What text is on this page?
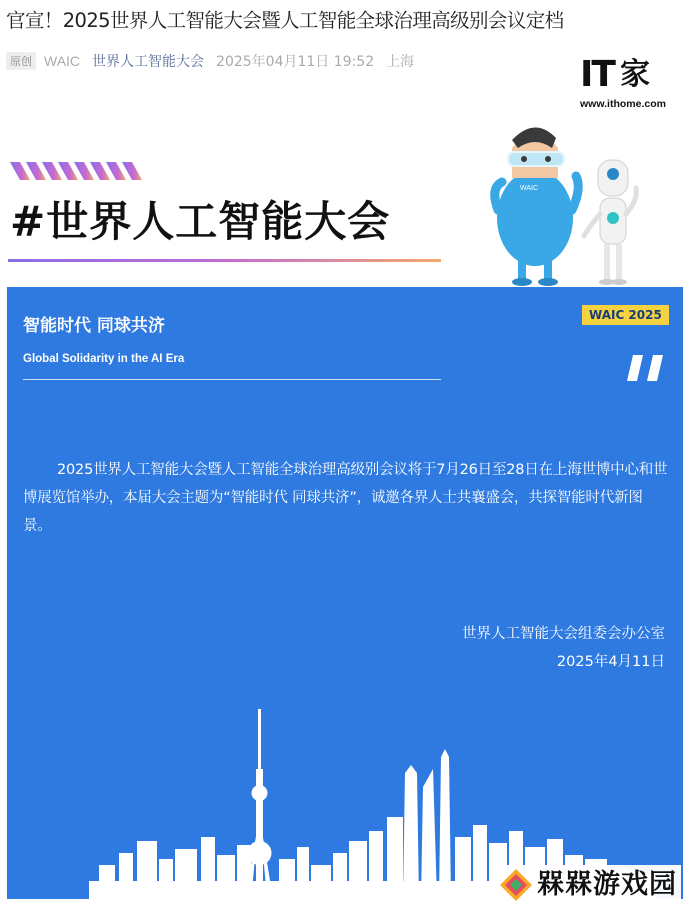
官宣！2025世界人工智能大会暨人工智能全球治理高级别会议定档
原创 WAIC 世界人工智能大会 2025年04月11日 19:52 上海	IT 家
www.ithome.com
#世界人工智能大会
WAIC
智能时代 同球共济
Global Solidarity in the AI Era
WAIC 2025
2025世界人工智能大会暨人工智能全球治理高级别会议将于7月26日至28日在上海世博中心和世博展览馆举办，本届大会主题为“智能时代 同球共济”，诚邀各界人士共襄盛会，共探智能时代新图景。
世界人工智能大会组委会办公室
2025年4月11日
槑槑游戏园
